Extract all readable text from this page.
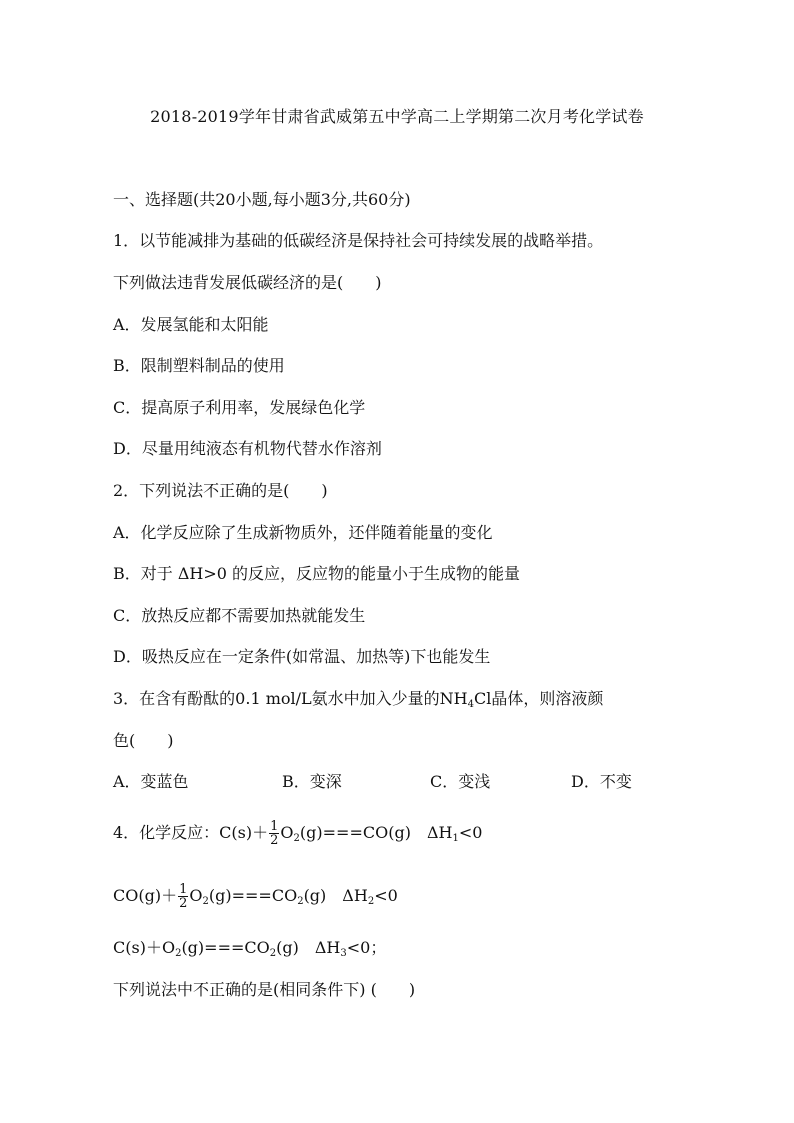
2018-2019学年甘肃省武威第五中学高二上学期第二次月考化学试卷
一、选择题(共20小题,每小题3分,共60分)
1．以节能减排为基础的低碳经济是保持社会可持续发展的战略举措。
下列做法违背发展低碳经济的是(　　)
A．发展氢能和太阳能
B．限制塑料制品的使用
C．提高原子利用率，发展绿色化学
D．尽量用纯液态有机物代替水作溶剂
2．下列说法不正确的是(　　)
A．化学反应除了生成新物质外，还伴随着能量的变化
B．对于 ΔH>0 的反应，反应物的能量小于生成物的能量
C．放热反应都不需要加热就能发生
D．吸热反应在一定条件(如常温、加热等)下也能发生
3．在含有酚酞的0.1 mol/L氨水中加入少量的$NH_4Cl$晶体，则溶液颜
色(　　)
A．变蓝色	B．变深	C．变浅	D．不变
4．化学反应：$C(s)+ \frac{1}{2} O_2(g)===CO(g)$　$\Delta H_1<0$
$CO(g)+ \frac{1}{2} O_2(g)===CO_2(g)$　$\Delta H_2<0$
$C(s)+O_2(g)===CO_2(g)$　$\Delta H_3<0$；
下列说法中不正确的是(相同条件下) (　　)
